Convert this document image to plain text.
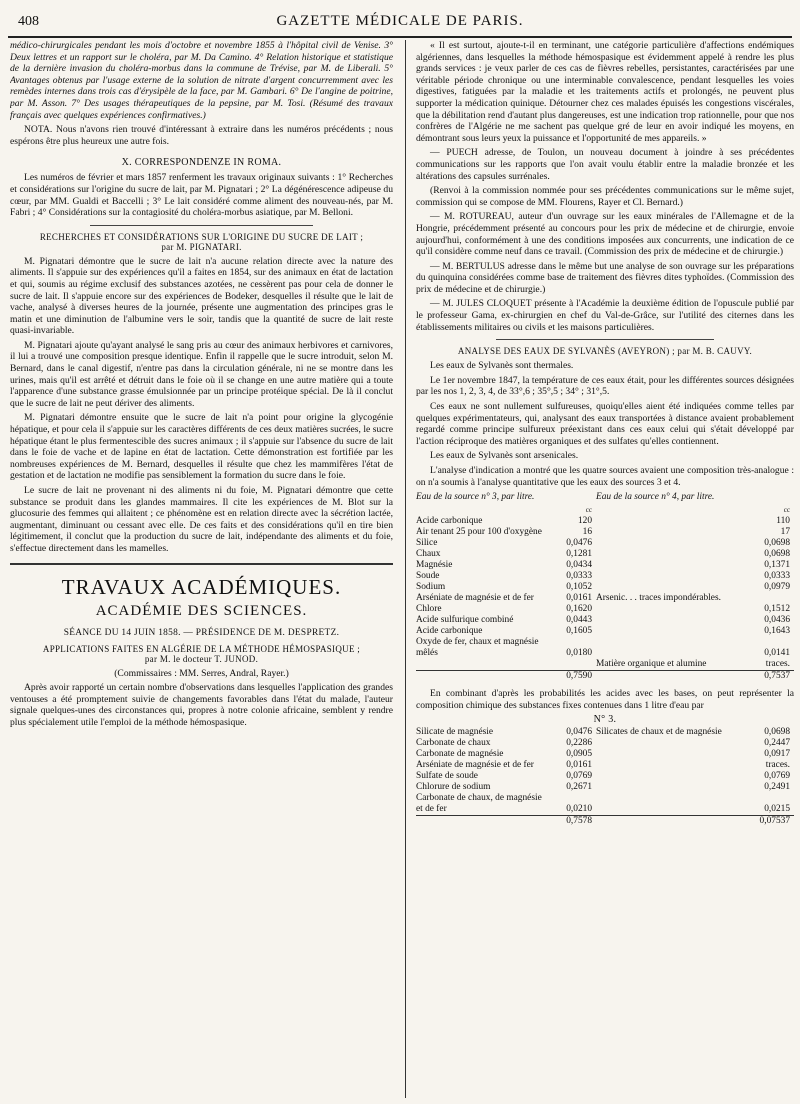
408	GAZETTE MÉDICALE DE PARIS.

médico-chirurgicales pendant les mois d'octobre et novembre 1855 à l'hôpital civil de Venise. 3° Deux lettres et un rapport sur le choléra, par M. Da Camino. 4° Relation historique et statistique de la dernière invasion du choléra-morbus dans la commune de Trévise, par M. de Liberali. 5° Avantages obtenus par l'usage externe de la solution de nitrate d'argent concurremment avec les remèdes internes dans trois cas d'érysipèle de la face, par M. Gambari. 6° De l'angine de poitrine, par M. Asson. 7° Des usages thérapeutiques de la pepsine, par M. Tosi. (Résumé des travaux français avec quelques expériences confirmatives.)

NOTA. Nous n'avons rien trouvé d'intéressant à extraire dans les numéros précédents ; nous espérons être plus heureux une autre fois.

X. CORRESPONDENZE IN ROMA.

Les numéros de février et mars 1857 renferment les travaux originaux suivants : 1° Recherches et considérations sur l'origine du sucre de lait, par M. Pignatari ; 2° La dégénérescence adipeuse du cœur, par MM. Gualdi et Baccelli ; 3° Le lait considéré comme aliment des nouveau-nés, par M. Fabri ; 4° Considérations sur la contagiosité du choléra-morbus asiatique, par M. Belloni.

RECHERCHES ET CONSIDÉRATIONS SUR L'ORIGINE DU SUCRE DE LAIT ;
par M. PIGNATARI.

M. Pignatari démontre que le sucre de lait n'a aucune relation directe avec la nature des aliments. Il s'appuie sur des expériences qu'il a faites en 1854, sur des animaux en état de lactation et qui, soumis au régime exclusif des substances azotées, ne cessèrent pas pour cela de donner le sucre de lait. Il s'appuie encore sur des expériences de Bodeker, desquelles il résulte que le lait de vache, analysé à diverses heures de la journée, présente une augmentation des principes gras le matin et une diminution de l'albumine vers le soir, tandis que la quantité de sucre de lait reste quasi-invariable.

M. Pignatari ajoute qu'ayant analysé le sang pris au cœur des animaux herbivores et carnivores, il lui a trouvé une composition presque identique. Enfin il rappelle que le sucre introduit, selon M. Bernard, dans le canal digestif, n'entre pas dans la circulation générale, ni ne se montre dans les urines, mais qu'il est arrêté et détruit dans le foie où il se change en une autre matière qui a toute l'apparence d'une substance grasse émulsionnée par un principe protéique spécial. De là il conclut que le sucre de lait ne peut dériver des aliments.

M. Pignatari démontre ensuite que le sucre de lait n'a point pour origine la glycogénie hépatique, et pour cela il s'appuie sur les caractères différents de ces deux matières sucrées, le sucre hépatique étant le plus fermentescible des sucres animaux ; il s'appuie sur l'absence du sucre de lait dans le foie de vache et de lapine en état de lactation. Cette démonstration est fortifiée par les nombreuses expériences de M. Bernard, desquelles il résulte que chez les mammifères l'état de gestation et de lactation ne modifie pas sensiblement la formation du sucre dans le foie.

Le sucre de lait ne provenant ni des aliments ni du foie, M. Pignatari démontre que cette substance se produit dans les glandes mammaires. Il cite les expériences de M. Blot sur la glucosurie des femmes qui allaitent ; ce phénomène est en relation directe avec la sécrétion lactée, augmentant, diminuant ou cessant avec elle. De ces faits et des considérations qu'il en tire bien légitimement, il conclut que la production du sucre de lait, indépendante des aliments et du foie, s'effectue directement dans les mamelles.

TRAVAUX ACADÉMIQUES.
ACADÉMIE DES SCIENCES.
SÉANCE DU 14 JUIN 1858. — PRÉSIDENCE DE M. DESPRETZ.
APPLICATIONS FAITES EN ALGÉRIE DE LA MÉTHODE HÉMOSPASIQUE ;
par M. le docteur T. JUNOD.

(Commissaires : MM. Serres, Andral, Rayer.)

Après avoir rapporté un certain nombre d'observations dans lesquelles l'application des grandes ventouses a été promptement suivie de changements favorables dans l'état du malade, l'auteur signale quelques-unes des circonstances qui, propres à notre colonie africaine, semblent y rendre plus spécialement utile l'emploi de la méthode hémospasique.

« Il est surtout, ajoute-t-il en terminant, une catégorie particulière d'affections endémiques algériennes, dans lesquelles la méthode hémospasique est évidemment appelé à rendre les plus grands services : je veux parler de ces cas de fièvres rebelles, persistantes, caractérisées par une véritable période chronique ou une interminable convalescence, pendant lesquelles les voies digestives, fatiguées par la maladie et les traitements actifs et prolongés, ne peuvent plus supporter la médication quinique. Détourner chez ces malades épuisés les congestions viscérales, que la débilitation rend d'autant plus dangereuses, est une indication trop rationnelle, pour que nos confrères de l'Algérie ne me sachent pas quelque gré de leur en avoir indiqué les moyens, en démontrant sous leurs yeux la puissance et l'opportunité de mes appareils. »

— PUECH adresse, de Toulon, un nouveau document à joindre à ses précédentes communications sur les rapports que l'on avait voulu établir entre la maladie bronzée et les altérations des capsules surrénales.

(Renvoi à la commission nommée pour ses précédentes communications sur le même sujet, commission qui se compose de MM. Flourens, Rayer et Cl. Bernard.)

— M. ROTUREAU, auteur d'un ouvrage sur les eaux minérales de l'Allemagne et de la Hongrie, précédemment présenté au concours pour les prix de médecine et de chirurgie, envoie aujourd'hui, conformément à une des conditions imposées aux concurrents, une indication de ce qu'il considère comme neuf dans ce travail. (Commission des prix de médecine et de chirurgie.)

— M. BERTULUS adresse dans le même but une analyse de son ouvrage sur les préparations du quinquina considérées comme base de traitement des fièvres dites typhoïdes. (Commission des prix de médecine et de chirurgie.)

— M. JULES CLOQUET présente à l'Académie la deuxième édition de l'opuscule publié par le professeur Gama, ex-chirurgien en chef du Val-de-Grâce, sur l'utilité des citernes dans les établissements militaires ou civils et les maisons particulières.

ANALYSE DES EAUX DE SYLVANÈS (AVEYRON) ; par M. B. CAUVY.

Les eaux de Sylvanès sont thermales.

Le 1er novembre 1847, la température de ces eaux était, pour les différentes sources désignées par les nos 1, 2, 3, 4, de 33°,6 ; 35°,5 ; 34° ; 31°,5.

Ces eaux ne sont nullement sulfureuses, quoiqu'elles aient été indiquées comme telles par quelques expérimentateurs, qui, analysant des eaux transportées à distance avaient probablement regardé comme principe sulfureux préexistant dans ces eaux celui qui s'était développé par l'action réciproque des matières organiques et des sulfates qu'elles contiennent.

Les eaux de Sylvanès sont arsenicales.

L'analyse d'indication a montré que les quatre sources avaient une composition très-analogue : on n'a soumis à l'analyse quantitative que les eaux des sources 3 et 4.

Eau de la source n° 3, par litre.		Eau de la source n° 4, par litre.	
	cc		cc
Acide carbonique	120		110
Air tenant 25 pour 100 d'oxygène	16		17
Silice	0,0476		0,0698
Chaux	0,1281		0,0698
Magnésie	0,0434		0,1371
Soude	0,0333		0,0333
Sodium	0,1052		0,0979
Arséniate de magnésie et de fer	0,0161	Arsenic. . . traces impondérables.	
Chlore	0,1620		0,1512
Acide sulfurique combiné	0,0443		0,0436
Acide carbonique	0,1605		0,1643
Oxyde de fer, chaux et magnésie mêlés	0,0180		0,0141
		Matière organique et alumine	traces.
	0,7590		0,7537

En combinant d'après les probabilités les acides avec les bases, on peut représenter la composition chimique des substances fixes contenues dans 1 litre d'eau par

N° 3.
Silicate de magnésie	0,0476	Silicates de chaux et de magnésie	0,0698
Carbonate de chaux	0,2286		0,2447
Carbonate de magnésie	0,0905		0,0917
Arséniate de magnésie et de fer	0,0161		traces.
Sulfate de soude	0,0769		0,0769
Chlorure de sodium	0,2671		0,2491
Carbonate de chaux, de magnésie et de fer	0,0210		0,0215
	0,7578		0,07537
